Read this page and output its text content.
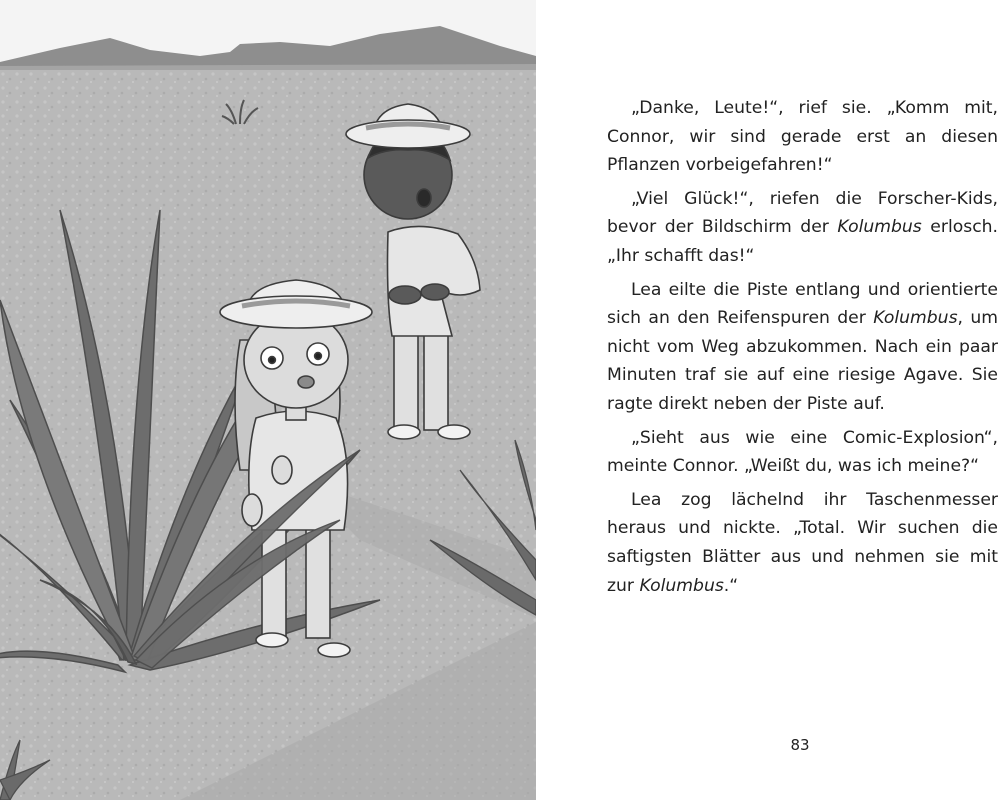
„Danke, Leute!“, rief sie. „Komm mit, Connor, wir sind gerade erst an diesen Pflanzen vorbeigefahren!“

„Viel Glück!“, riefen die Forscher-Kids, bevor der Bildschirm der Kolumbus erlosch. „Ihr schafft das!“

Lea eilte die Piste entlang und orientierte sich an den Reifenspuren der Kolumbus, um nicht vom Weg abzukommen. Nach ein paar Minuten traf sie auf eine riesige Agave. Sie ragte direkt neben der Piste auf.

„Sieht aus wie eine Comic-Explosion“, meinte Connor. „Weißt du, was ich meine?“

Lea zog lächelnd ihr Taschenmesser heraus und nickte. „Total. Wir suchen die saftigsten Blätter aus und nehmen sie mit zur Kolumbus.“

83
